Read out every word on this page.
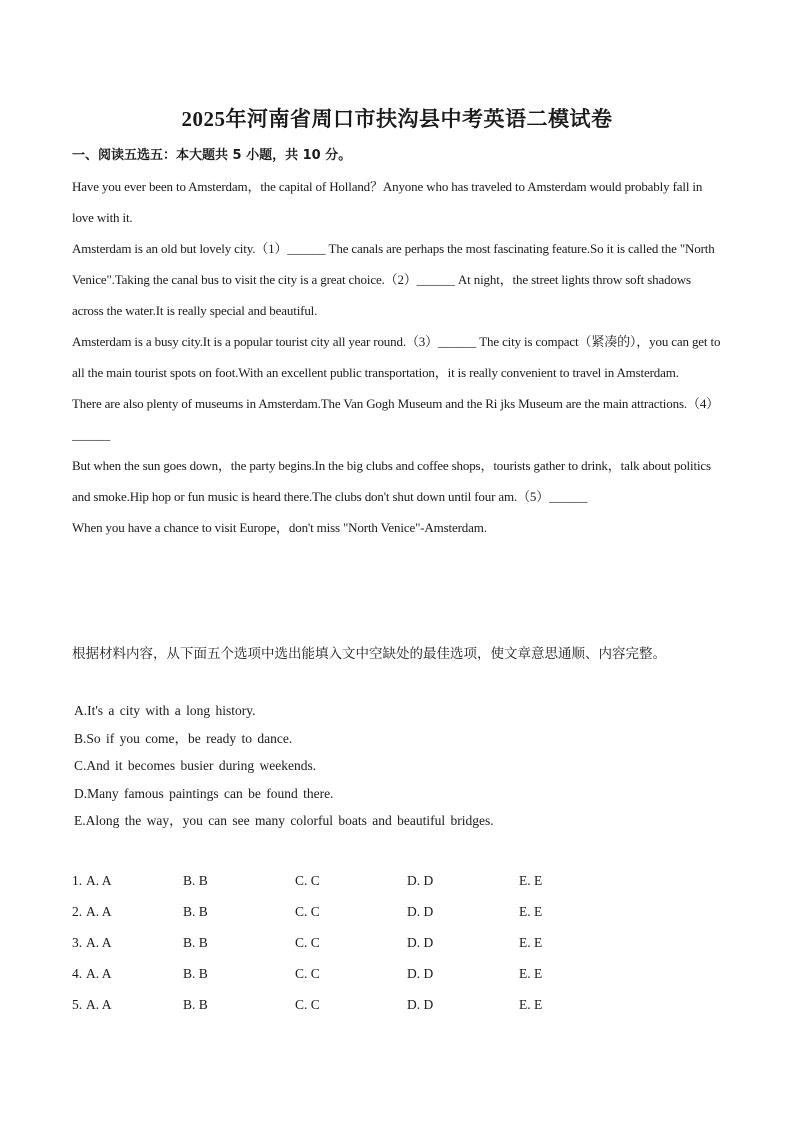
2025年河南省周口市扶沟县中考英语二模试卷
一、阅读五选五：本大题共 5 小题，共 10 分。

Have you ever been to Amsterdam，the capital of Holland？Anyone who has traveled to Amsterdam would probably fall in love with it.

Amsterdam is an old but lovely city.（1）______ The canals are perhaps the most fascinating feature.So it is called the "North Venice".Taking the canal bus to visit the city is a great choice.（2）______ At night，the street lights throw soft shadows across the water.It is really special and beautiful.

Amsterdam is a busy city.It is a popular tourist city all year round.（3）______ The city is compact（紧凑的），you can get to all the main tourist spots on foot.With an excellent public transportation，it is really convenient to travel in Amsterdam.

There are also plenty of museums in Amsterdam.The Van Gogh Museum and the Ri jks Museum are the main attractions.（4）______

But when the sun goes down，the party begins.In the big clubs and coffee shops，tourists gather to drink，talk about politics and smoke.Hip hop or fun music is heard there.The clubs don't shut down until four am.（5）______

When you have a chance to visit Europe，don't miss "North Venice"-Amsterdam.

根据材料内容，从下面五个选项中选出能填入文中空缺处的最佳选项，使文章意思通顺、内容完整。
A.It's a city with a long history.
B.So if you come，be ready to dance.
C.And it becomes busier during weekends.
D.Many famous paintings can be found there.
E.Along the way，you can see many colorful boats and beautiful bridges.
1. A. A	B. B	C. C	D. D	E. E
2. A. A	B. B	C. C	D. D	E. E
3. A. A	B. B	C. C	D. D	E. E
4. A. A	B. B	C. C	D. D	E. E
5. A. A	B. B	C. C	D. D	E. E
